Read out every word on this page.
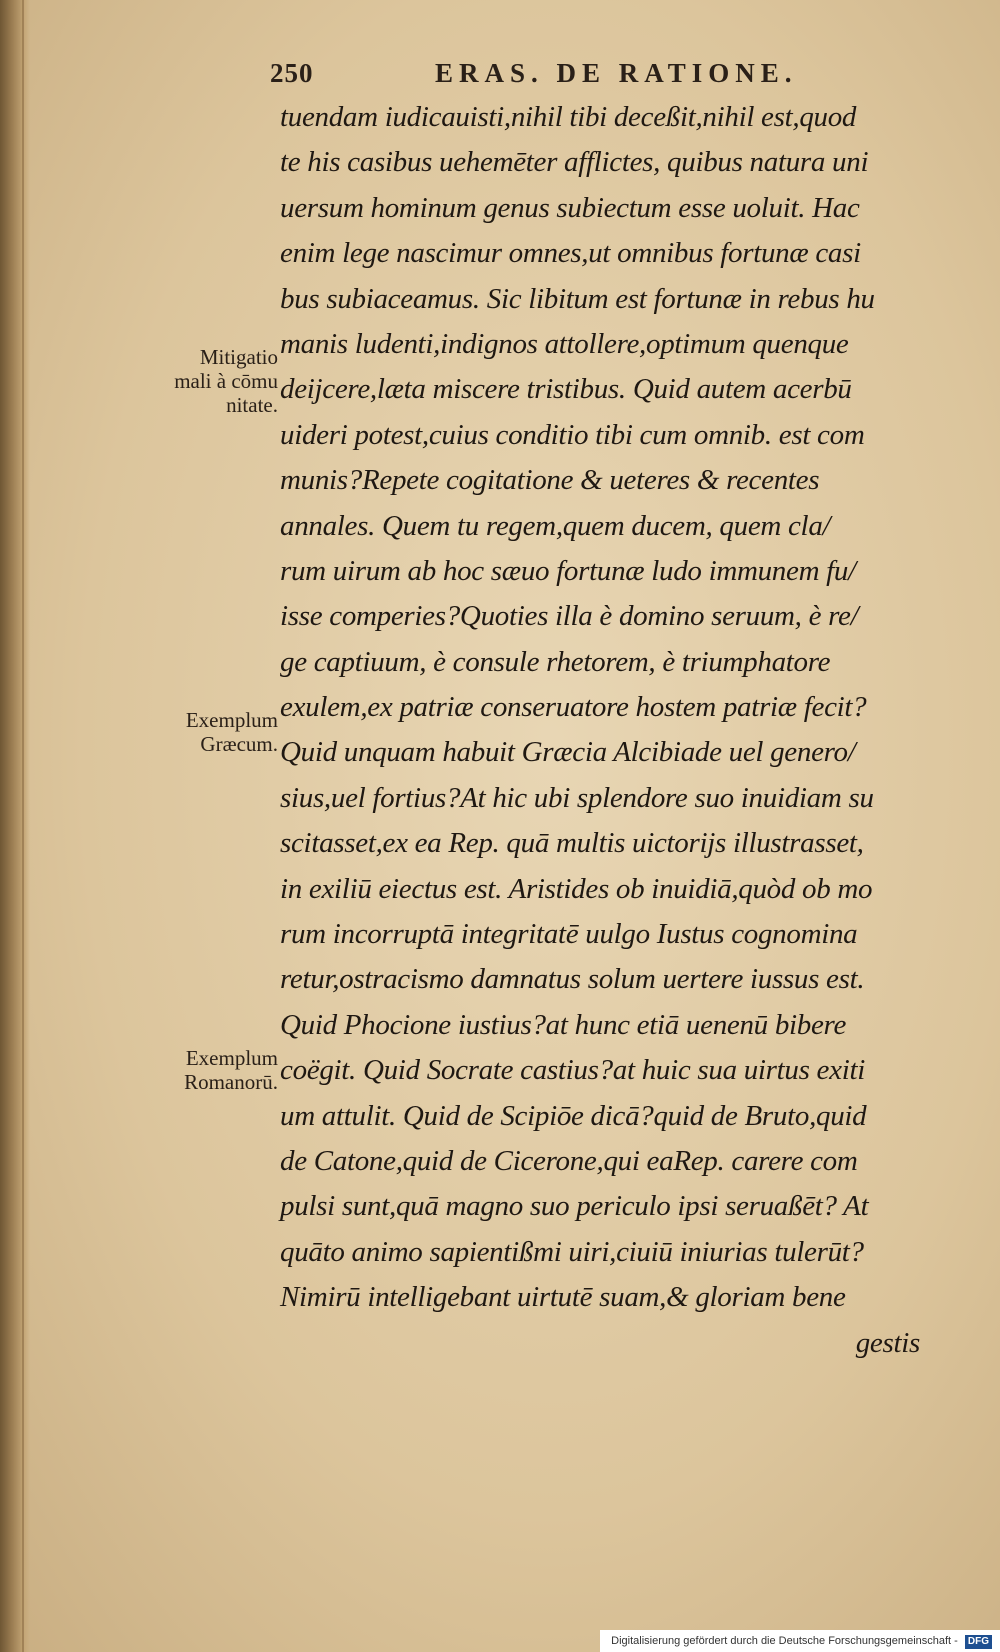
250	ERAS. DE RATIONE.
Mitigatio
mali à cōmu
nitate.
Exemplum
Græcum.
Exemplum
Romanorū.
tuendam iudicauisti,nihil tibi deceßit,nihil est,quod
te his casibus uehemēter afflictes, quibus natura uni
uersum hominum genus subiectum esse uoluit. Hac
enim lege nascimur omnes,ut omnibus fortunæ casi
bus subiaceamus. Sic libitum est fortunæ in rebus hu
manis ludenti,indignos attollere,optimum quenque
deijcere,læta miscere tristibus. Quid autem acerbū
uideri potest,cuius conditio tibi cum omnib. est com
munis?Repete cogitatione & ueteres & recentes
annales. Quem tu regem,quem ducem, quem cla/
rum uirum ab hoc sæuo fortunæ ludo immunem fu/
isse comperies?Quoties illa è domino seruum, è re/
ge captiuum, è consule rhetorem, è triumphatore
exulem,ex patriæ conseruatore hostem patriæ fecit?
Quid unquam habuit Græcia Alcibiade uel genero/
sius,uel fortius?At hic ubi splendore suo inuidiam su
scitasset,ex ea Rep. quā multis uictorijs illustrasset,
in exiliū eiectus est. Aristides ob inuidiā,quòd ob mo
rum incorruptā integritatē uulgo Iustus cognomina
retur,ostracismo damnatus solum uertere iussus est.
Quid Phocione iustius?at hunc etiā uenenū bibere
coëgit. Quid Socrate castius?at huic sua uirtus exiti
um attulit. Quid de Scipiōe dicā?quid de Bruto,quid
de Catone,quid de Cicerone,qui eaRep. carere com
pulsi sunt,quā magno suo periculo ipsi seruaßēt? At
quāto animo sapientißmi uiri,ciuiū iniurias tulerūt?
Nimirū intelligebant uirtutē suam,& gloriam bene
gestis
Digitalisierung gefördert durch die Deutsche Forschungsgemeinschaft - DFG
